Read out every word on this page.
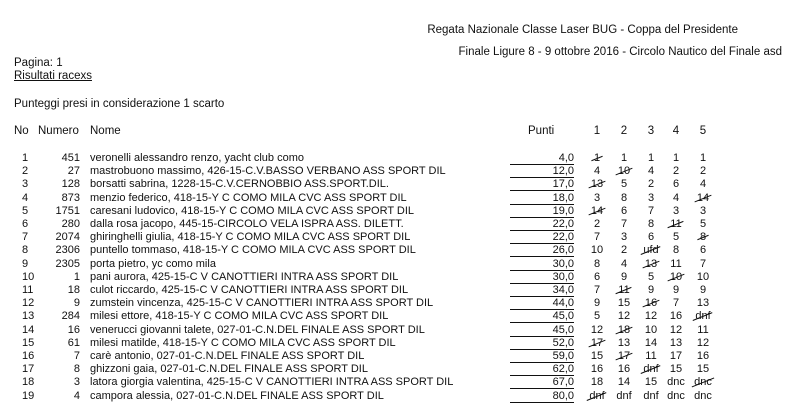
Regata Nazionale Classe Laser BUG - Coppa del Presidente
Finale Ligure 8 - 9 ottobre 2016 - Circolo Nautico del Finale asd
Pagina: 1
Risultati racexs
Punteggi presi in considerazione 1 scarto
No Numero Nome	Punti	1	2	3	4	5
1	451 veronelli alessandro renzo, yacht club como	4,0	1	1	1	1	1
2	27 mastrobuono massimo, 426-15-C.V.BASSO VERBANO ASS SPORT DIL	12,0	4	10	4	2	2
3	128 borsatti sabrina, 1228-15-C.V.CERNOBBIO ASS.SPORT.DIL.	17,0	13	5	2	6	4
4	873 menzio federico, 418-15-Y C COMO MILA CVC ASS SPORT DIL	18,0	3	8	3	4	14
5	1751 caresani ludovico, 418-15-Y C COMO MILA CVC ASS SPORT DIL	19,0	14	6	7	3	3
6	280 dalla rosa jacopo, 445-15-CIRCOLO VELA ISPRA ASS. DILETT.	22,0	2	7	8	11	5
7	2074 ghiringhelli giulia, 418-15-Y C COMO MILA CVC ASS SPORT DIL	22,0	7	3	6	5	8
8	2306 puntello tommaso, 418-15-Y C COMO MILA CVC ASS SPORT DIL	26,0	10	2	ufd	8	6
9	2305 porta pietro, yc como mila	30,0	8	4	13	11	7
10	1 pani aurora, 425-15-C V CANOTTIERI INTRA ASS SPORT DIL	30,0	6	9	5	10	10
11	18 culot riccardo, 425-15-C V CANOTTIERI INTRA ASS SPORT DIL	34,0	7	11	9	9	9
12	9 zumstein vincenza, 425-15-C V CANOTTIERI INTRA ASS SPORT DIL	44,0	9	15	16	7	13
13	284 milesi ettore, 418-15-Y C COMO MILA CVC ASS SPORT DIL	45,0	5	12	12	16	dnf
14	16 venerucci giovanni talete, 027-01-C.N.DEL FINALE ASS SPORT DIL	45,0	12	18	10	12	11
15	61 milesi matilde, 418-15-Y C COMO MILA CVC ASS SPORT DIL	52,0	17	13	14	13	12
16	7 carè antonio, 027-01-C.N.DEL FINALE ASS SPORT DIL	59,0	15	17	11	17	16
17	8 ghizzoni gaia, 027-01-C.N.DEL FINALE ASS SPORT DIL	62,0	16	16	dnf	15	15
18	3 latora giorgia valentina, 425-15-C V CANOTTIERI INTRA ASS SPORT DIL	67,0	18	14	15 dnc dnc
19	4 campora alessia, 027-01-C.N.DEL FINALE ASS SPORT DIL	80,0	dnf	dnf	dnf dnc dnc
